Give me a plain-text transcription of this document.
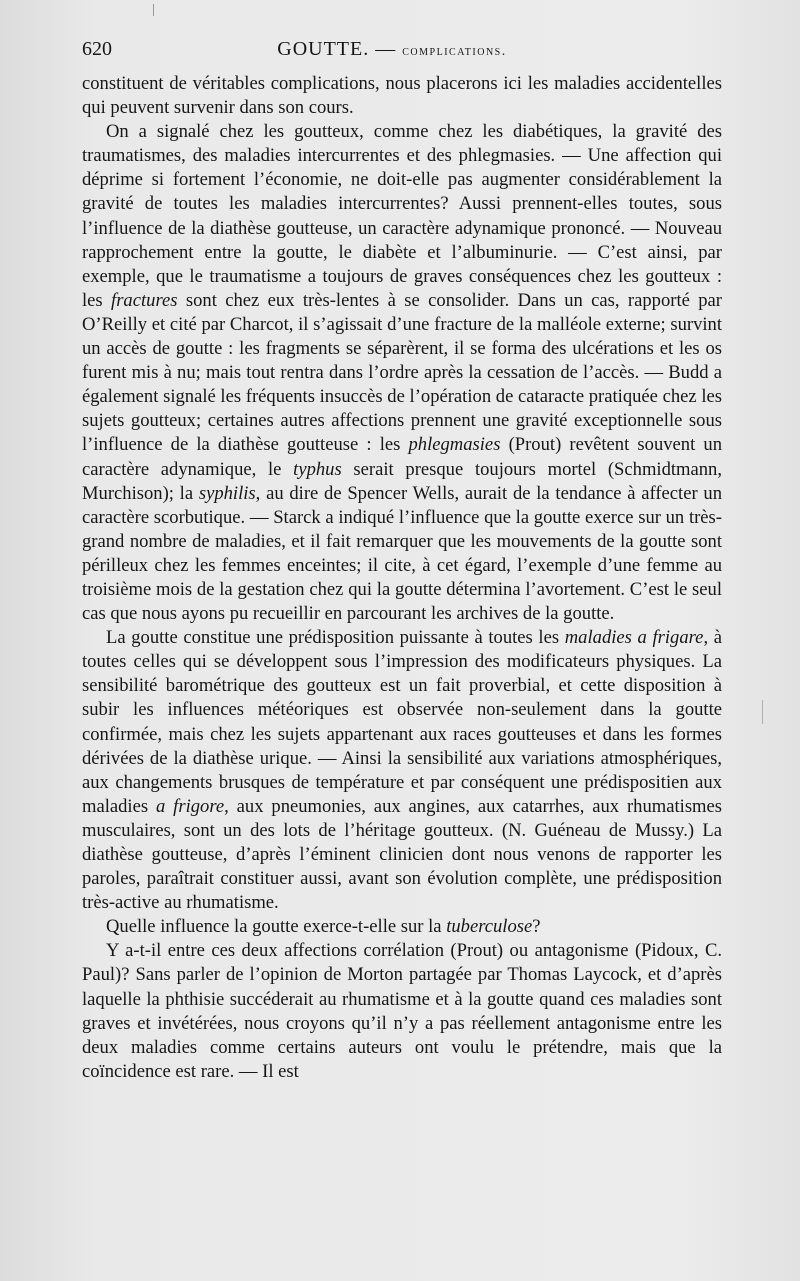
620	GOUTTE. — complications.

constituent de véritables complications, nous placerons ici les maladies accidentelles qui peuvent survenir dans son cours.

On a signalé chez les goutteux, comme chez les diabétiques, la gravité des traumatismes, des maladies intercurrentes et des phlegmasies. — Une affection qui déprime si fortement l’économie, ne doit-elle pas augmenter considérablement la gravité de toutes les maladies intercurrentes? Aussi prennent-elles toutes, sous l’influence de la diathèse goutteuse, un caractère adynamique prononcé. — Nouveau rapprochement entre la goutte, le diabète et l’albuminurie. — C’est ainsi, par exemple, que le traumatisme a toujours de graves conséquences chez les goutteux : les fractures sont chez eux très-lentes à se consolider. Dans un cas, rapporté par O’Reilly et cité par Charcot, il s’agissait d’une fracture de la malléole externe; survint un accès de goutte : les fragments se séparèrent, il se forma des ulcérations et les os furent mis à nu; mais tout rentra dans l’ordre après la cessation de l’accès. — Budd a également signalé les fréquents insuccès de l’opération de cataracte pratiquée chez les sujets goutteux; certaines autres affections prennent une gravité exceptionnelle sous l’influence de la diathèse goutteuse : les phlegmasies (Prout) revêtent souvent un caractère adynamique, le typhus serait presque toujours mortel (Schmidtmann, Murchison); la syphilis, au dire de Spencer Wells, aurait de la tendance à affecter un caractère scorbutique. — Starck a indiqué l’influence que la goutte exerce sur un très-grand nombre de maladies, et il fait remarquer que les mouvements de la goutte sont périlleux chez les femmes enceintes; il cite, à cet égard, l’exemple d’une femme au troisième mois de la gestation chez qui la goutte détermina l’avortement. C’est le seul cas que nous ayons pu recueillir en parcourant les archives de la goutte.

La goutte constitue une prédisposition puissante à toutes les maladies a frigare, à toutes celles qui se développent sous l’impression des modificateurs physiques. La sensibilité barométrique des goutteux est un fait proverbial, et cette disposition à subir les influences météoriques est observée non-seulement dans la goutte confirmée, mais chez les sujets appartenant aux races goutteuses et dans les formes dérivées de la diathèse urique. — Ainsi la sensibilité aux variations atmosphériques, aux changements brusques de température et par conséquent une prédispositien aux maladies a frigore, aux pneumonies, aux angines, aux catarrhes, aux rhumatismes musculaires, sont un des lots de l’héritage goutteux. (N. Guéneau de Mussy.) La diathèse goutteuse, d’après l’éminent clinicien dont nous venons de rapporter les paroles, paraîtrait constituer aussi, avant son évolution complète, une prédisposition très-active au rhumatisme.

Quelle influence la goutte exerce-t-elle sur la tuberculose?

Y a-t-il entre ces deux affections corrélation (Prout) ou antagonisme (Pidoux, C. Paul)? Sans parler de l’opinion de Morton partagée par Thomas Laycock, et d’après laquelle la phthisie succéderait au rhumatisme et à la goutte quand ces maladies sont graves et invétérées, nous croyons qu’il n’y a pas réellement antagonisme entre les deux maladies comme certains auteurs ont voulu le prétendre, mais que la coïncidence est rare. — Il est
